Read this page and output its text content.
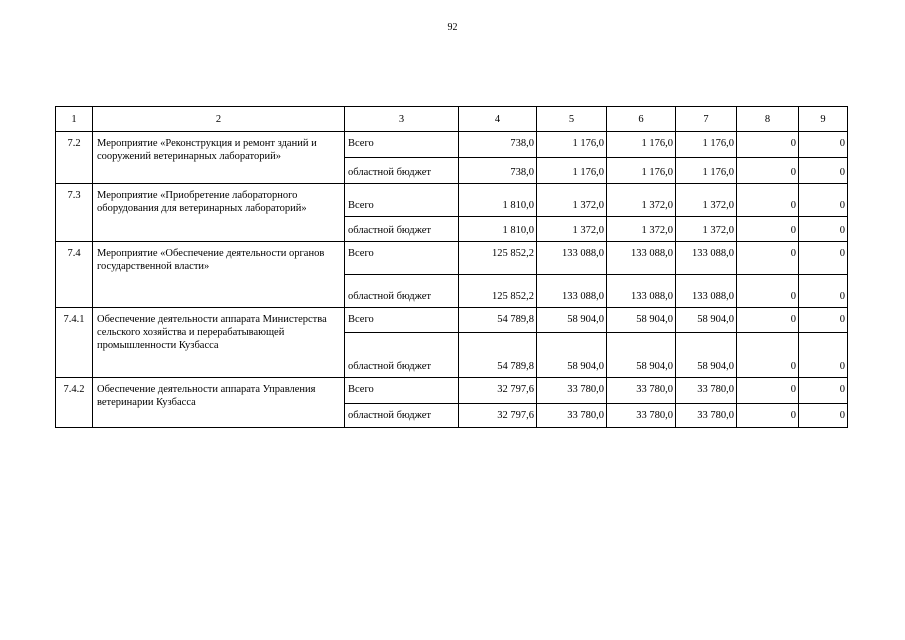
92
1	2	3	4	5	6	7	8	9
7.2	Мероприятие «Реконструкция и ремонт зданий и сооружений ветеринарных лабораторий»	Всего	738,0	1 176,0	1 176,0	1 176,0	0	0
		областной бюджет	738,0	1 176,0	1 176,0	1 176,0	0	0
7.3	Мероприятие «Приобретение лабораторного оборудования для ветеринарных лабораторий»	Всего	1 810,0	1 372,0	1 372,0	1 372,0	0	0
		областной бюджет	1 810,0	1 372,0	1 372,0	1 372,0	0	0
7.4	Мероприятие «Обеспечение деятельности органов государственной власти»	Всего	125 852,2	133 088,0	133 088,0	133 088,0	0	0
		областной бюджет	125 852,2	133 088,0	133 088,0	133 088,0	0	0
7.4.1	Обеспечение деятельности аппарата Министерства сельского хозяйства и перерабатывающей промышленности Кузбасса	Всего	54 789,8	58 904,0	58 904,0	58 904,0	0	0
		областной бюджет	54 789,8	58 904,0	58 904,0	58 904,0	0	0
7.4.2	Обеспечение деятельности аппарата Управления ветеринарии Кузбасса	Всего	32 797,6	33 780,0	33 780,0	33 780,0	0	0
		областной бюджет	32 797,6	33 780,0	33 780,0	33 780,0	0	0
